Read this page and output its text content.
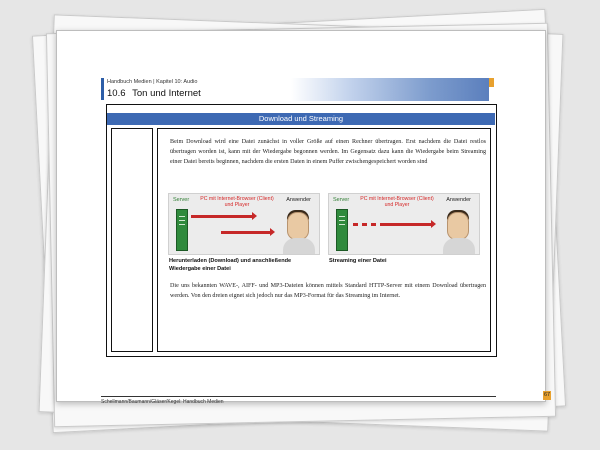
Handbuch Medien | Kapitel 10: Audio
10.6 Ton und Internet
Download und Streaming
Beim Download wird eine Datei zunächst in voller Größe auf einen Rechner übertragen. Erst nachdem die Datei restlos übertragen worden ist, kann mit der Wiedergabe begonnen werden. Im Gegensatz dazu kann die Wiedergabe beim Streaming einer Datei bereits beginnen, nachdem die ersten Daten in einem Puffer zwischengespeichert worden sind
Server PC mit Internet-Browser (Client) und Player
Anwender	Server PC mit Internet-Browser (Client) und Player
Anwender
Herunterladen (Download) und anschließende Wiedergabe einer Datei
Streaming einer Datei
Die uns bekannten WAVE-, AIFF- und MP3-Dateien können mittels Standard HTTP-Server mit einem Download übertragen werden. Von den dreien eignet sich jedoch nur das MP3-Format für das Streaming im Internet.
Schellmann/Baumann/Gläser/Kegel: Handbuch Medien
67
